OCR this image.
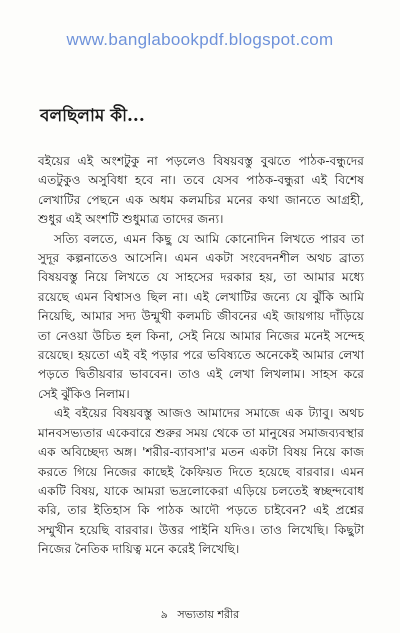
www.banglabookpdf.blogspot.com
বলছিলাম কী...

বইয়ের এই অংশটুকু না পড়লেও বিষয়বস্তু বুঝতে পাঠক-বন্ধুদের এতটুকুও অসুবিধা হবে না। তবে যেসব পাঠক-বন্ধুরা এই বিশেষ লেখাটির পেছনে এক অধম কলমচির মনের কথা জানতে আগ্রহী, শুধুর এই অংশটি শুধুমাত্র তাদের জন্য।

সত্যি বলতে, এমন কিছু যে আমি কোনোদিন লিখতে পারব তা সুদূর কল্পনাতেও আসেনি। এমন একটা সংবেদনশীল অথচ ব্রাত্য বিষয়বস্তু নিয়ে লিখতে যে সাহসের দরকার হয়, তা আমার মধ্যে রয়েছে এমন বিশ্বাসও ছিল না। এই লেখাটির জন্যে যে ঝুঁকি আমি নিয়েছি, আমার সদ্য উন্মুখী কলমচি জীবনের এই জায়গায় দাঁড়িয়ে তা নেওয়া উচিত হল কিনা, সেই নিয়ে আমার নিজের মনেই সন্দেহ রয়েছে। হয়তো এই বই পড়ার পরে ভবিষ্যতে অনেকেই আমার লেখা পড়তে দ্বিতীয়বার ভাববেন। তাও এই লেখা লিখলাম। সাহস করে সেই ঝুঁকিও নিলাম।

এই বইয়ের বিষয়বস্তু আজও আমাদের সমাজে এক ট্যাবু। অথচ মানবসভ্যতার একেবারে শুরুর সময় থেকে তা মানুষের সমাজব্যবস্থার এক অবিচ্ছেদ্য অঙ্গ। 'শরীর-ব্যাবসা'র মতন একটা বিষয় নিয়ে কাজ করতে গিয়ে নিজের কাছেই কৈফিয়ত দিতে হয়েছে বারবার। এমন একটি বিষয়, যাকে আমরা ভদ্রলোকেরা এড়িয়ে চলতেই স্বচ্ছন্দবোধ করি, তার ইতিহাস কি পাঠক আদৌ পড়তে চাইবেন? এই প্রশ্নের সম্মুখীন হয়েছি বারবার। উত্তর পাইনি যদিও। তাও লিখেছি। কিছুটা নিজের নৈতিক দায়িত্ব মনে করেই লিখেছি।

৯ সভ্যতায় শরীর
